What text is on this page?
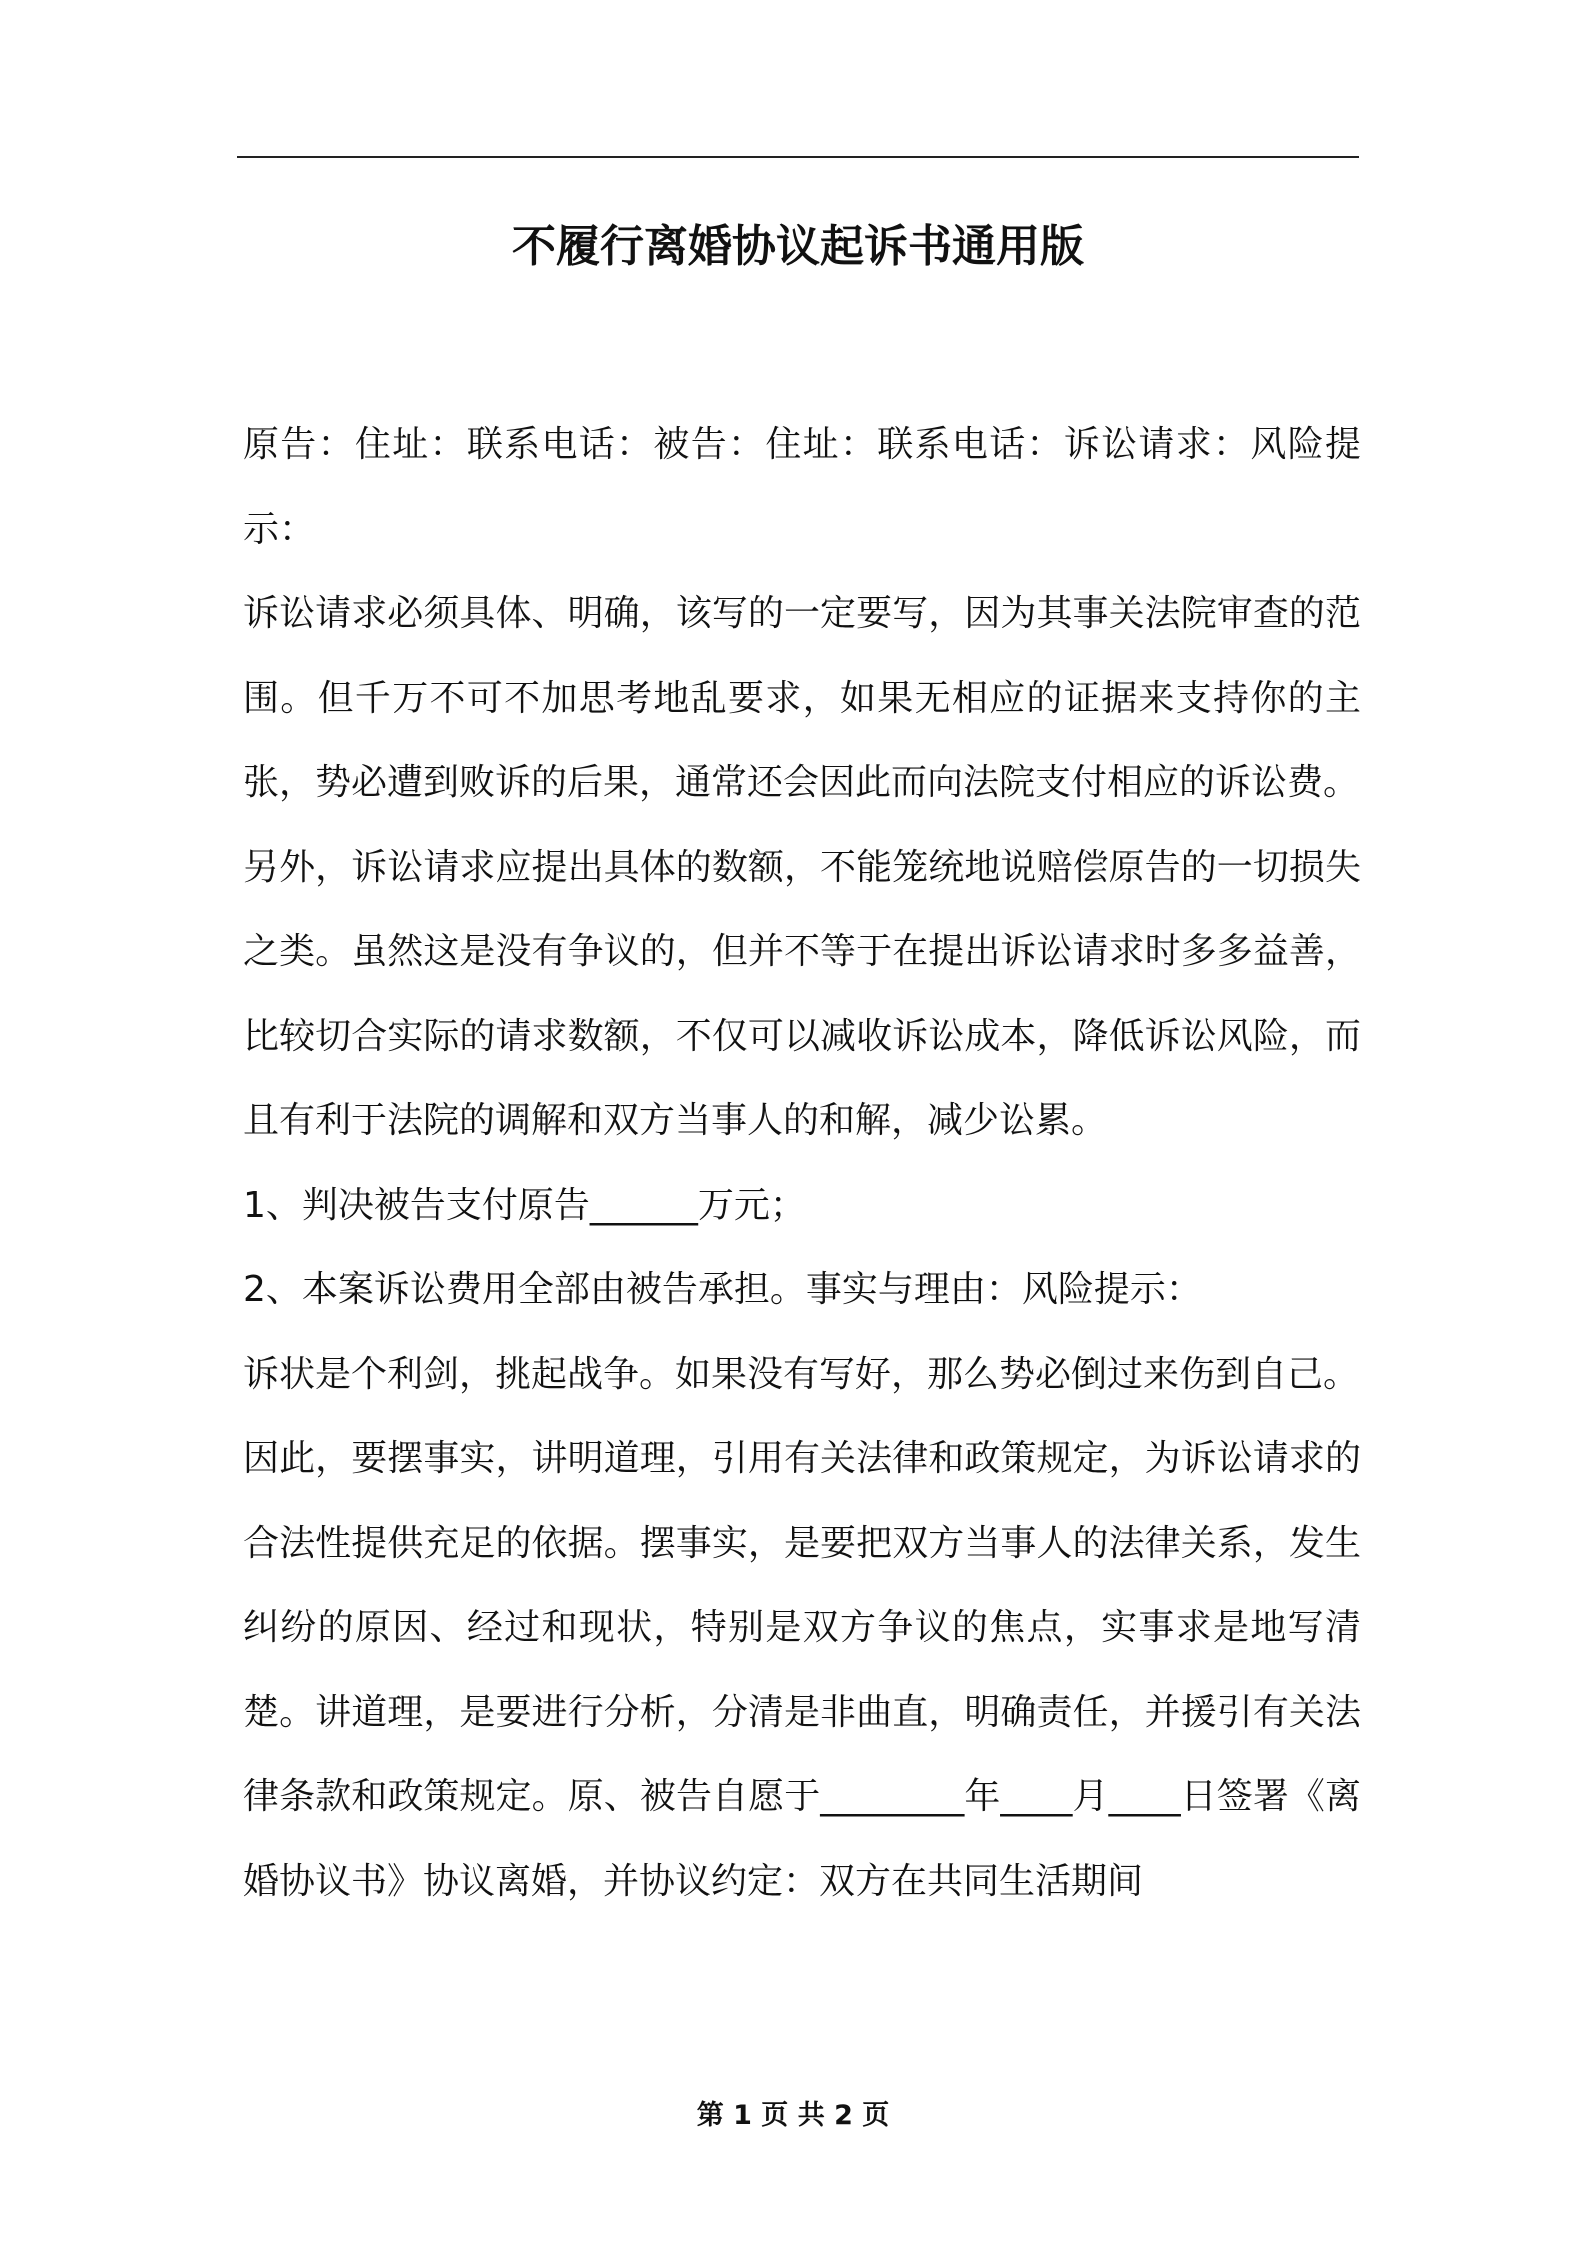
不履行离婚协议起诉书通用版

原告：住址：联系电话：被告：住址：联系电话：诉讼请求：风险提示：

诉讼请求必须具体、明确，该写的一定要写，因为其事关法院审查的范围。但千万不可不加思考地乱要求，如果无相应的证据来支持你的主张，势必遭到败诉的后果，通常还会因此而向法院支付相应的诉讼费。

另外，诉讼请求应提出具体的数额，不能笼统地说赔偿原告的一切损失之类。虽然这是没有争议的，但并不等于在提出诉讼请求时多多益善，比较切合实际的请求数额，不仅可以减收诉讼成本，降低诉讼风险，而且有利于法院的调解和双方当事人的和解，减少讼累。

1、判决被告支付原告______万元；

2、本案诉讼费用全部由被告承担。事实与理由：风险提示：

诉状是个利剑，挑起战争。如果没有写好，那么势必倒过来伤到自己。

因此，要摆事实，讲明道理，引用有关法律和政策规定，为诉讼请求的合法性提供充足的依据。摆事实，是要把双方当事人的法律关系，发生纠纷的原因、经过和现状，特别是双方争议的焦点，实事求是地写清楚。讲道理，是要进行分析，分清是非曲直，明确责任，并援引有关法律条款和政策规定。原、被告自愿于________年____月____日签署《离婚协议书》协议离婚，并协议约定：双方在共同生活期间

第 1 页 共 2 页
